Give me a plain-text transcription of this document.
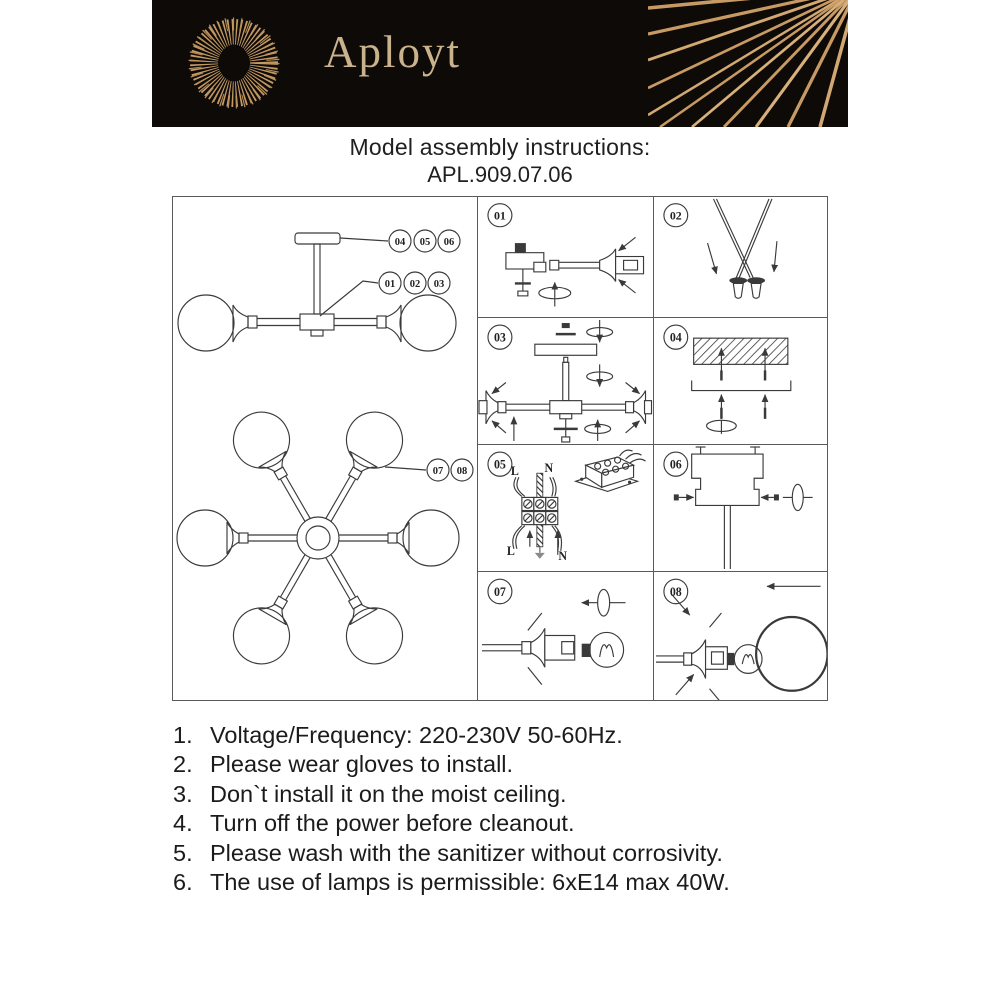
Aployt
Model assembly instructions:
APL.909.07.06
04 05 06
01 02 03
07 08
01	02
03	04
05 L N
L	N
06
07	08
1. Voltage/Frequency: 220-230V 50-60Hz.
2. Please wear gloves to install.
3. Don`t install it on the moist ceiling.
4. Turn off the power before cleanout.
5. Please wash with the sanitizer without corrosivity.
6. The use of lamps is permissible: 6xE14 max 40W.
